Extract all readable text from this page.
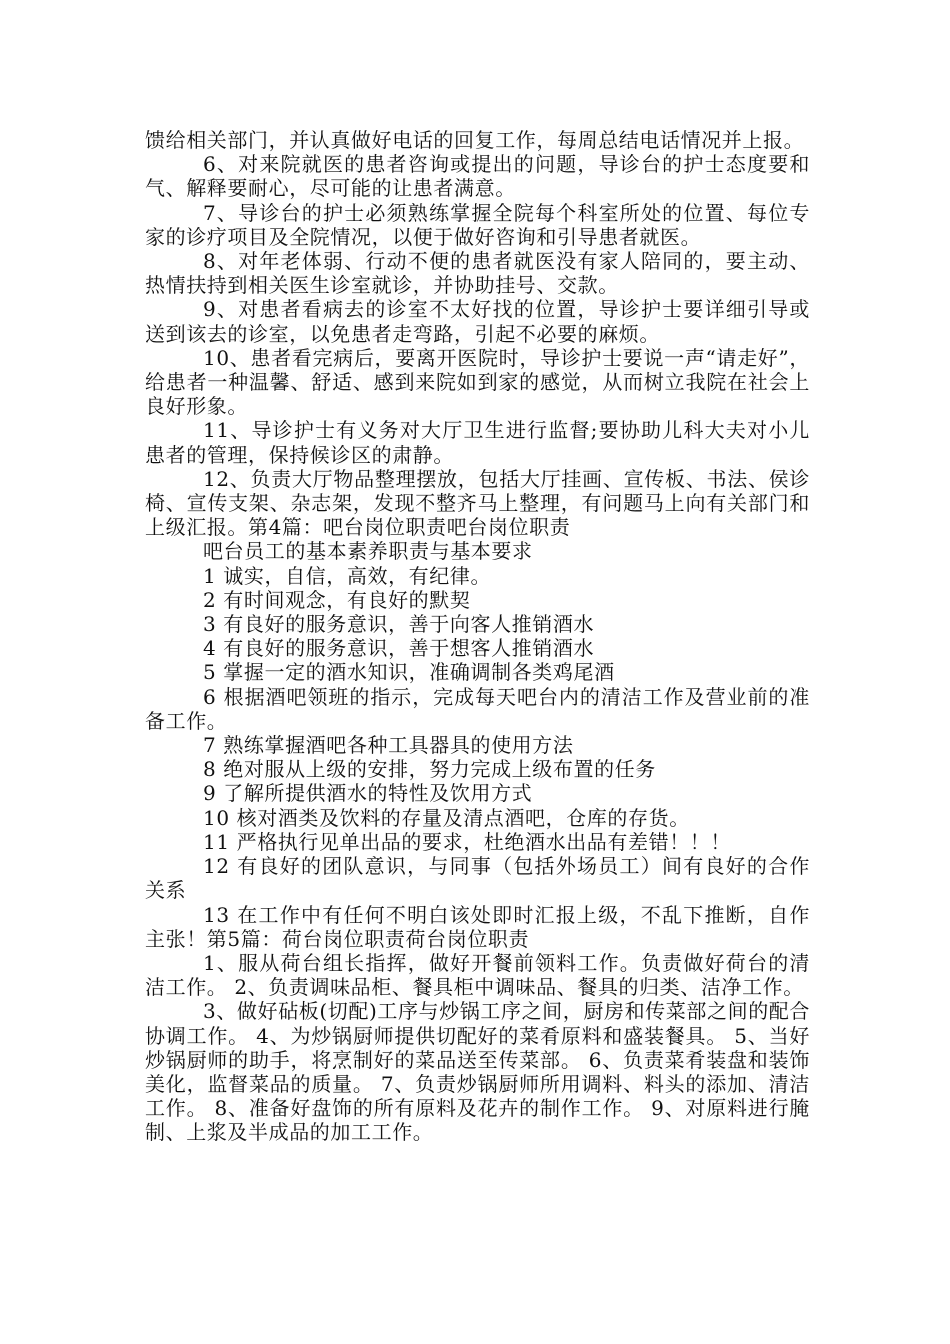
馈给相关部门，并认真做好电话的回复工作，每周总结电话情况并上报。

6、对来院就医的患者咨询或提出的问题，导诊台的护士态度要和气、解释要耐心，尽可能的让患者满意。

7、导诊台的护士必须熟练掌握全院每个科室所处的位置、每位专家的诊疗项目及全院情况，以便于做好咨询和引导患者就医。

8、对年老体弱、行动不便的患者就医没有家人陪同的，要主动、热情扶持到相关医生诊室就诊，并协助挂号、交款。

9、对患者看病去的诊室不太好找的位置，导诊护士要详细引导或送到该去的诊室，以免患者走弯路，引起不必要的麻烦。

10、患者看完病后，要离开医院时，导诊护士要说一声“请走好”，给患者一种温馨、舒适、感到来院如到家的感觉，从而树立我院在社会上良好形象。

11、导诊护士有义务对大厅卫生进行监督;要协助儿科大夫对小儿患者的管理，保持候诊区的肃静。

12、负责大厅物品整理摆放，包括大厅挂画、宣传板、书法、侯诊椅、宣传支架、杂志架，发现不整齐马上整理，有问题马上向有关部门和上级汇报。第4篇：吧台岗位职责吧台岗位职责

吧台员工的基本素养职责与基本要求

1 诚实，自信，高效，有纪律。

2 有时间观念，有良好的默契

3 有良好的服务意识，善于向客人推销酒水

4 有良好的服务意识，善于想客人推销酒水

5 掌握一定的酒水知识，准确调制各类鸡尾酒

6 根据酒吧领班的指示，完成每天吧台内的清洁工作及营业前的准备工作。

7 熟练掌握酒吧各种工具器具的使用方法

8 绝对服从上级的安排，努力完成上级布置的任务

9 了解所提供酒水的特性及饮用方式

10 核对酒类及饮料的存量及清点酒吧，仓库的存货。

11 严格执行见单出品的要求，杜绝酒水出品有差错！！！

12 有良好的团队意识，与同事（包括外场员工）间有良好的合作关系

13 在工作中有任何不明白该处即时汇报上级，不乱下推断，自作主张！第5篇：荷台岗位职责荷台岗位职责

1、服从荷台组长指挥，做好开餐前领料工作。负责做好荷台的清洁工作。 2、负责调味品柜、餐具柜中调味品、餐具的归类、洁净工作。

3、做好砧板(切配)工序与炒锅工序之间，厨房和传菜部之间的配合协调工作。 4、为炒锅厨师提供切配好的菜肴原料和盛装餐具。 5、当好炒锅厨师的助手，将烹制好的菜品送至传菜部。 6、负责菜肴装盘和装饰美化，监督菜品的质量。 7、负责炒锅厨师所用调料、料头的添加、清洁工作。 8、准备好盘饰的所有原料及花卉的制作工作。 9、对原料进行腌制、上浆及半成品的加工工作。
